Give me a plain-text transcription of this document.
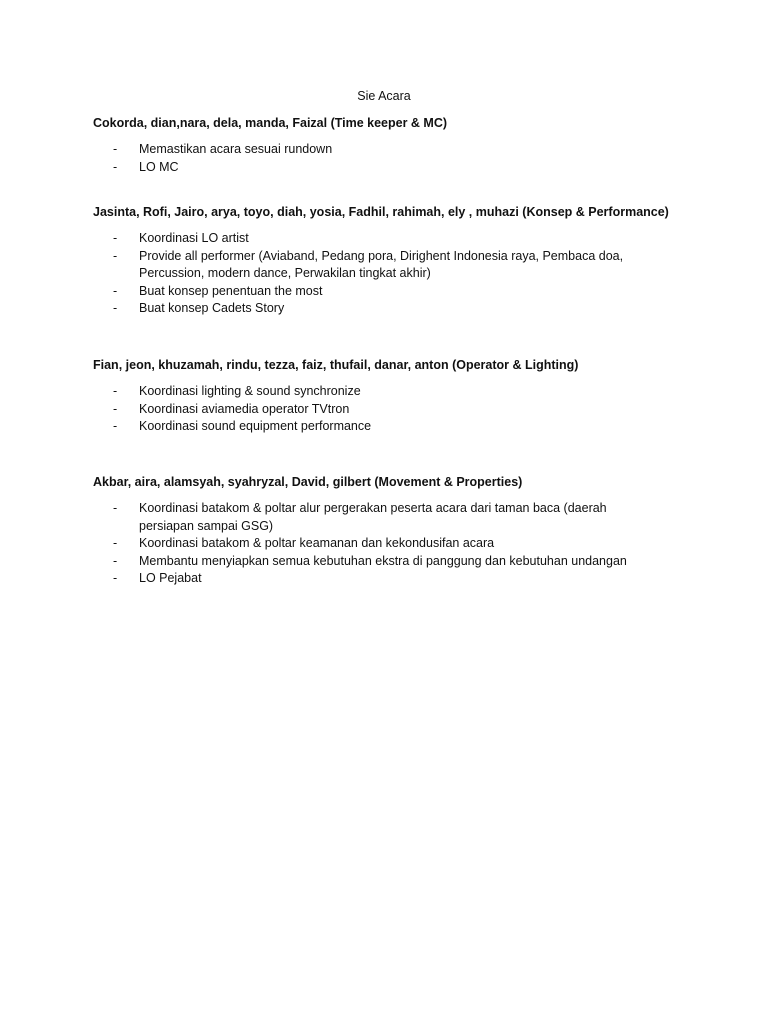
Sie Acara

Cokorda, dian,nara, dela, manda, Faizal (Time keeper & MC)

- Memastikan acara sesuai rundown
- LO MC

Jasinta, Rofi, Jairo, arya, toyo, diah, yosia, Fadhil, rahimah, ely , muhazi (Konsep & Performance)

- Koordinasi LO artist
- Provide all performer (Aviaband, Pedang pora, Dirighent Indonesia raya, Pembaca doa, Percussion, modern dance, Perwakilan tingkat akhir)
- Buat konsep penentuan the most
- Buat konsep Cadets Story

Fian, jeon, khuzamah, rindu, tezza, faiz, thufail, danar, anton (Operator & Lighting)

- Koordinasi lighting & sound synchronize
- Koordinasi aviamedia operator TVtron
- Koordinasi sound equipment performance

Akbar, aira, alamsyah, syahryzal, David, gilbert (Movement & Properties)

- Koordinasi batakom & poltar alur pergerakan peserta acara dari taman baca (daerah persiapan sampai GSG)
- Koordinasi batakom & poltar keamanan dan kekondusifan acara
- Membantu menyiapkan semua kebutuhan ekstra di panggung dan kebutuhan undangan
- LO Pejabat
